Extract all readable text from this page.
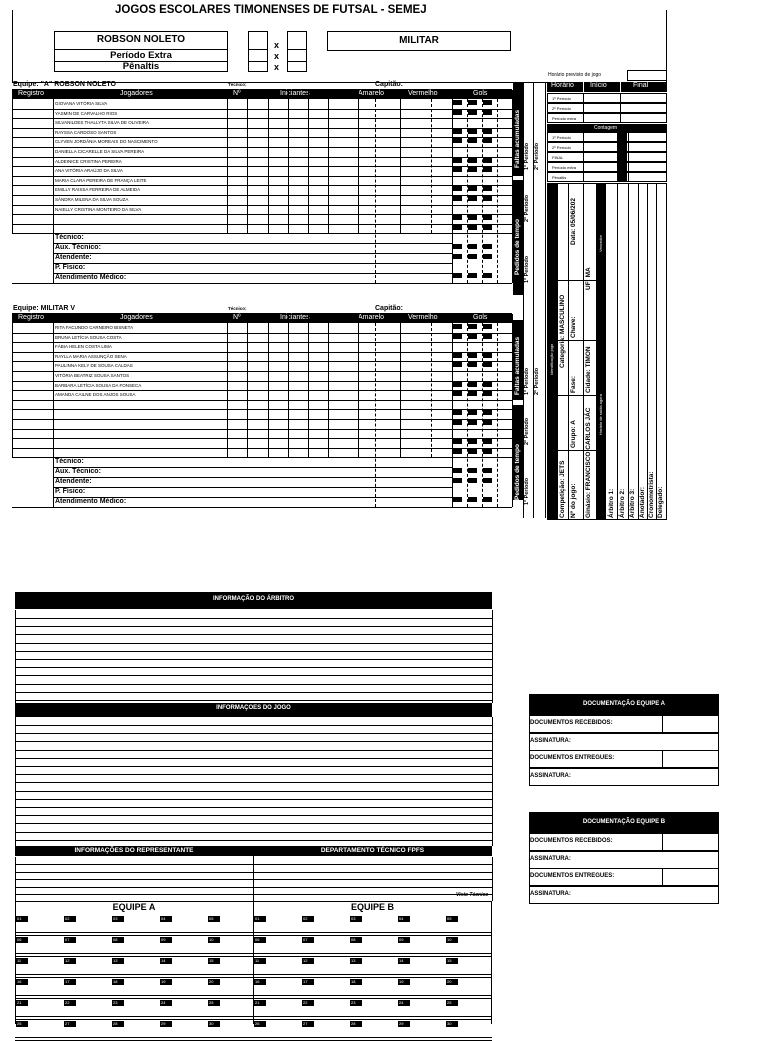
JOGOS ESCOLARES TIMONENSES DE FUTSAL - SEMEJ
ROBSON NOLETO
Período Extra
Pênaltis
x
x
x
MILITAR
Equipe: "A" ROBSON NOLETO	Técnico:	Capitão:
Registro	Jogadores	Nº	Iniciantes	Amarelo	Vermelho	Gols
GIOVANA VITÓRIA SILVA
YASMIN DE CARVALHO RIOS
SILVANILDES THALLYTA SILVA DE OLIVEIRA
RAYSSA CARDOSO SANTOS
CLYVEN JORDÂNIA MOREAIS DO NASCIMENTO
DANIELLA CICARELLE DA SILVA PEREIRA
ALDEINICE CRISTINA PEREIRA
ANA VITÓRIA ARAÚJO DA SILVA
MARIA CLARA PEREIRA DE FRANÇA LEITE
EMILLY RAISSA FERREIRA DE ALMEIDA
SÂNDRA MILENA DA SILVA SOUZA
NAIELLY CRISTINA MONTEIRO DA SILVA
Técnico:
Aux. Técnico:
Atendente:
P. Físico:
Atendimento Médico:
Equipe: MILITAR V	Técnico:	Capitão:
Registro	Jogadores	Nº	Iniciantes	Amarelo	Vermelho	Gols
RITA FACUNDO CARNEIRO BISNETA
BRUNA LETÍCIA SOUSA COSTA
FÁBIA HELEN COSTA LIMA
RAYLLA MARIA ASSUNÇÃO SENA
PAULINNA KELY DE SOUSA CALDAS
VITÓRIA BEATRIZ SOUSA SANTOS
BARBARA LETÍCIA SOUSA DA FONSECA
AMANDA CAILNE DOS ANJOS SOUSA
Técnico:
Aux. Técnico:
Atendente:
P. Físico:
Atendimento Médico:
Faltas acumuladas
Pedidos de tempo
1º Período 2º Período
2º Período
1º Período
Faltas acumuladas
Pedidos de tempo
1º Período 2º Período
2º Período
1º Período
Horário previsto de jogo
Horário Início	Final
1º Período
2º Período
Período extra
Contagem
1º Período
2º Período
FINAL
Período extra
Pênaltis
Identificação jogo
Vencedor
Horário de saída agora
Competição: JETS Nº do jogo: Ginásio: FRANCISCO CARLOS JÁC
Grupo: A
Cidade: TIMON
Fase:
Chave:
Categoria: MASCULINO
UF: MA
Data: 05/06/202
Árbitro 1: Árbitro 2: Árbitro 3: Anotador: Cronometrista: Delegado:
INFORMAÇÃO DO ÁRBITRO
INFORMAÇOES DO JOGO
INFORMAÇÕES DO REPRESENTANTE	DEPARTAMENTO TÉCNICO FPFS
Visto Técnico
EQUIPE A	EQUIPE B
01	01
02	02
03	03
04	04
05	05
06	06
07	07
08	08
09	09
10	10
11	11
12	12
13	13
14	14
15	15
16	16
17	17
18	18
19	19
20	20
21	21
22	22
23	23
24	24
25	25
26	26
27	27
28	28
29	29
30	30
DOCUMENTAÇÃO EQUIPE A
DOCUMENTOS RECEBIDOS:
ASSINATURA:
DOCUMENTOS ENTREGUES:
ASSINATURA:
DOCUMENTAÇÃO EQUIPE B
DOCUMENTOS RECEBIDOS:
ASSINATURA:
DOCUMENTOS ENTREGUES:
ASSINATURA:
